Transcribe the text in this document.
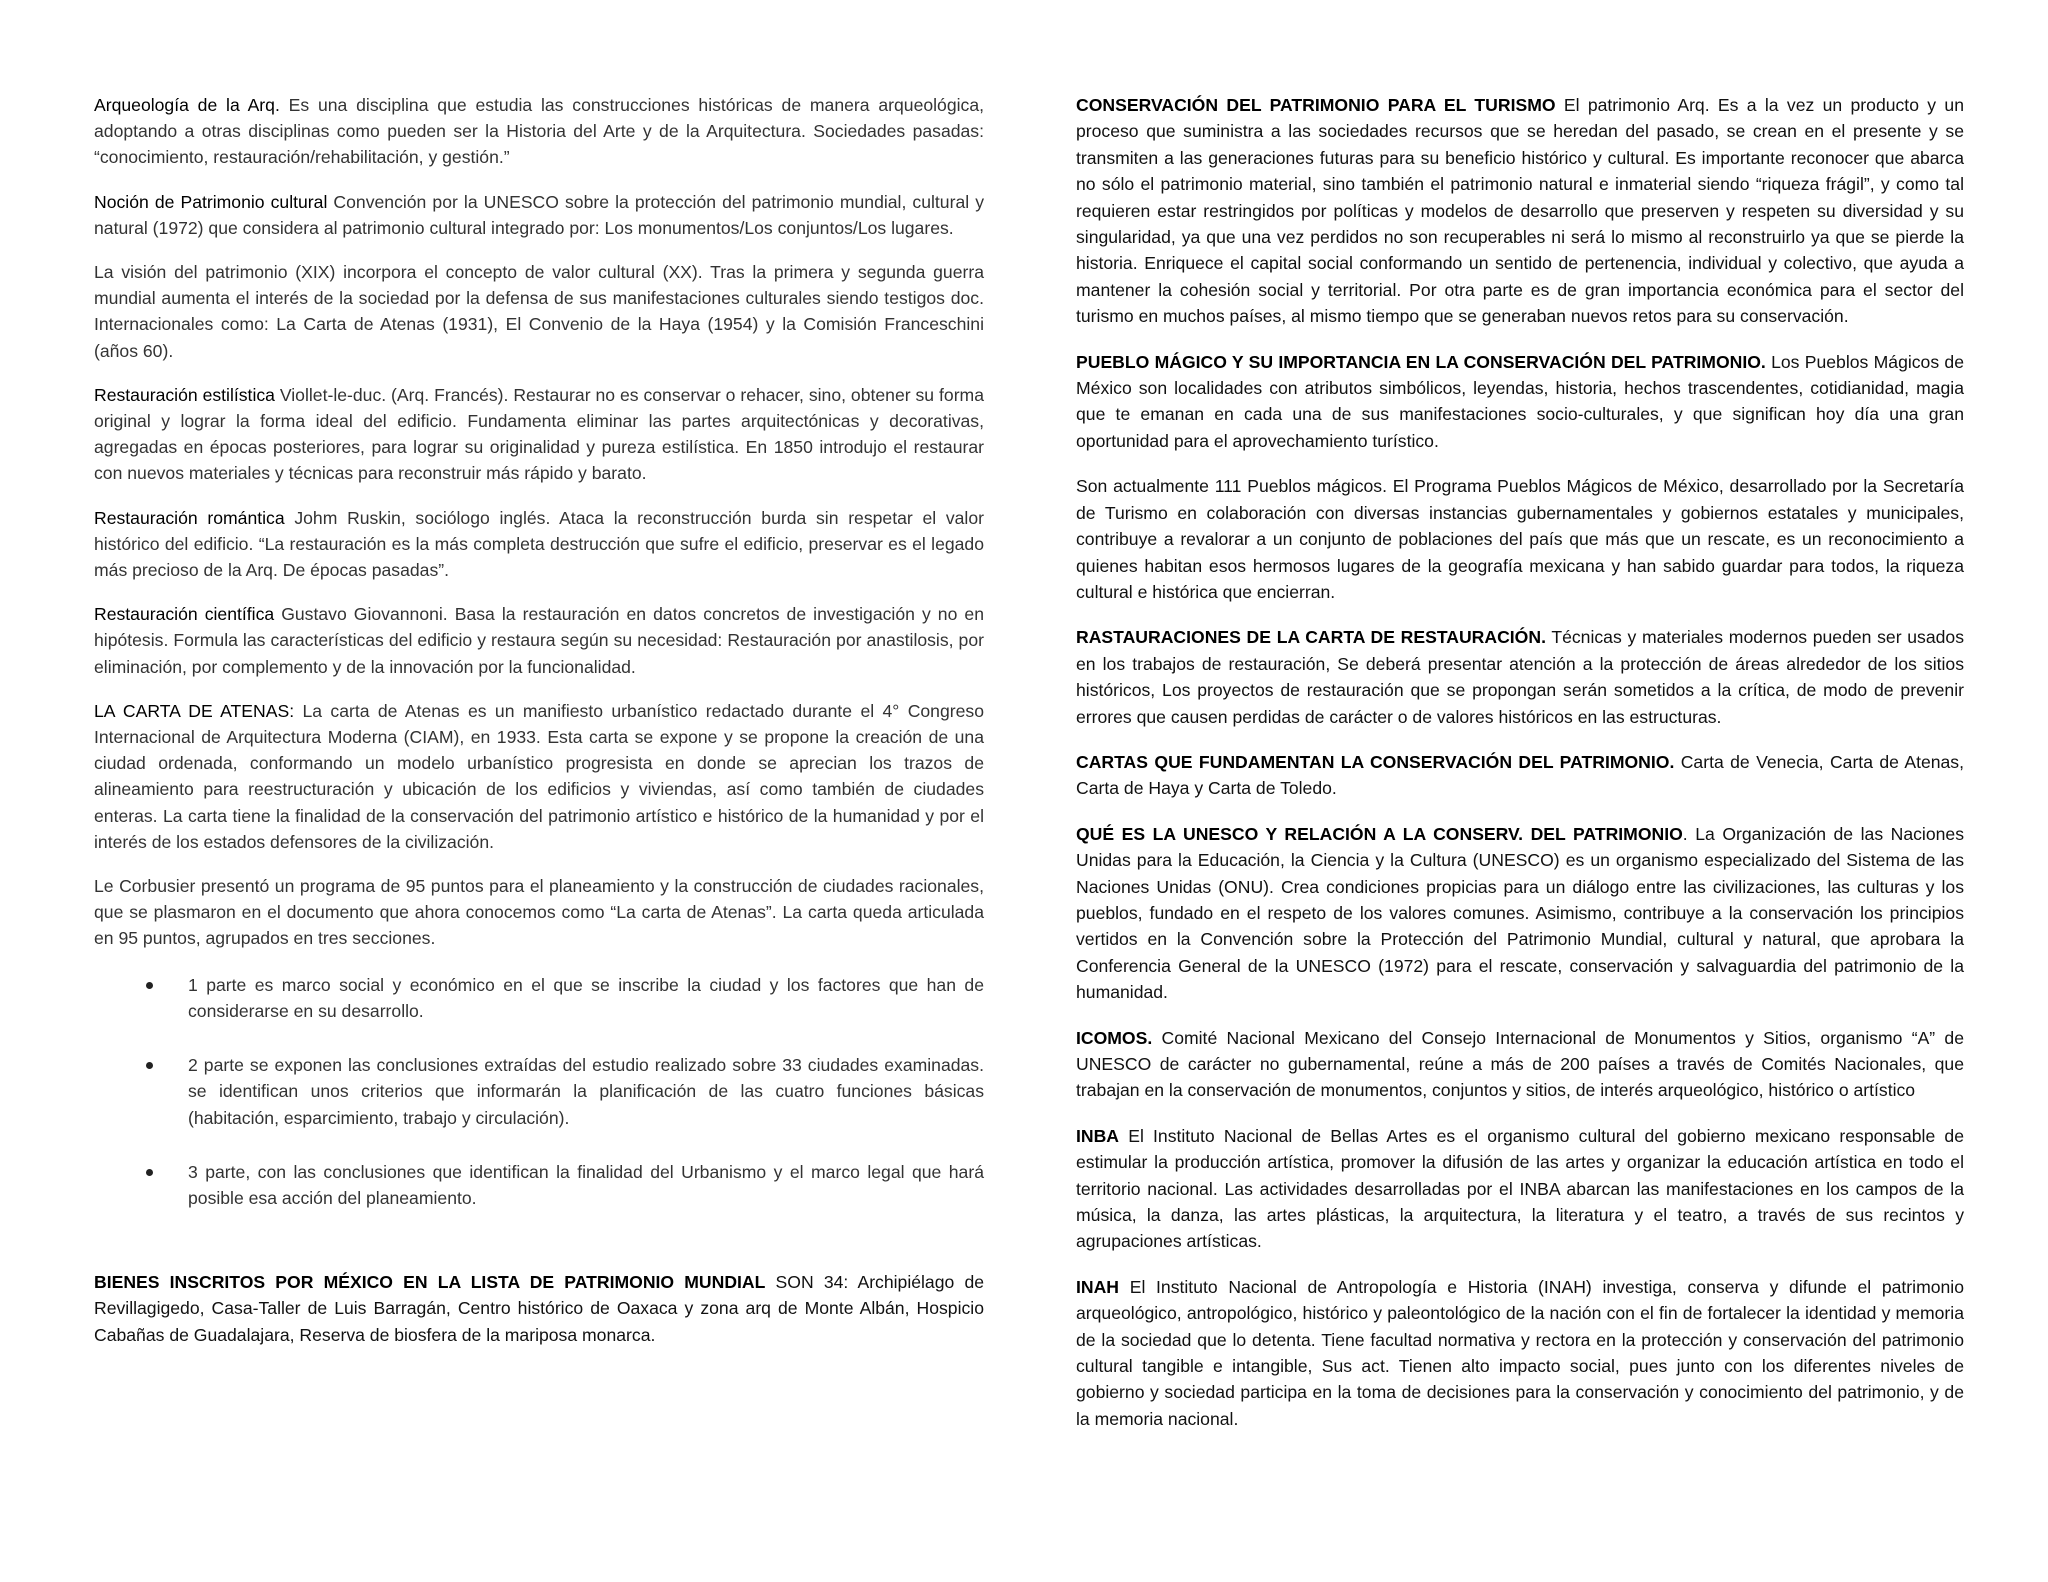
Arqueología de la Arq. Es una disciplina que estudia las construcciones históricas de manera arqueológica, adoptando a otras disciplinas como pueden ser la Historia del Arte y de la Arquitectura. Sociedades pasadas: “conocimiento, restauración/rehabilitación, y gestión.”

Noción de Patrimonio cultural Convención por la UNESCO sobre la protección del patrimonio mundial, cultural y natural (1972) que considera al patrimonio cultural integrado por: Los monumentos/Los conjuntos/Los lugares.

La visión del patrimonio (XIX) incorpora el concepto de valor cultural (XX). Tras la primera y segunda guerra mundial aumenta el interés de la sociedad por la defensa de sus manifestaciones culturales siendo testigos doc. Internacionales como: La Carta de Atenas (1931), El Convenio de la Haya (1954) y la Comisión Franceschini (años 60).

Restauración estilística Viollet-le-duc. (Arq. Francés). Restaurar no es conservar o rehacer, sino, obtener su forma original y lograr la forma ideal del edificio. Fundamenta eliminar las partes arquitectónicas y decorativas, agregadas en épocas posteriores, para lograr su originalidad y pureza estilística. En 1850 introdujo el restaurar con nuevos materiales y técnicas para reconstruir más rápido y barato.

Restauración romántica Johm Ruskin, sociólogo inglés. Ataca la reconstrucción burda sin respetar el valor histórico del edificio. “La restauración es la más completa destrucción que sufre el edificio, preservar es el legado más precioso de la Arq. De épocas pasadas”.

Restauración científica Gustavo Giovannoni. Basa la restauración en datos concretos de investigación y no en hipótesis. Formula las características del edificio y restaura según su necesidad: Restauración por anastilosis, por eliminación, por complemento y de la innovación por la funcionalidad.

LA CARTA DE ATENAS: La carta de Atenas es un manifiesto urbanístico redactado durante el 4° Congreso Internacional de Arquitectura Moderna (CIAM), en 1933. Esta carta se expone y se propone la creación de una ciudad ordenada, conformando un modelo urbanístico progresista en donde se aprecian los trazos de alineamiento para reestructuración y ubicación de los edificios y viviendas, así como también de ciudades enteras. La carta tiene la finalidad de la conservación del patrimonio artístico e histórico de la humanidad y por el interés de los estados defensores de la civilización.

Le Corbusier presentó un programa de 95 puntos para el planeamiento y la construcción de ciudades racionales, que se plasmaron en el documento que ahora conocemos como “La carta de Atenas”. La carta queda articulada en 95 puntos, agrupados en tres secciones.

1 parte es marco social y económico en el que se inscribe la ciudad y los factores que han de considerarse en su desarrollo.
2 parte se exponen las conclusiones extraídas del estudio realizado sobre 33 ciudades examinadas. se identifican unos criterios que informarán la planificación de las cuatro funciones básicas (habitación, esparcimiento, trabajo y circulación).
3 parte, con las conclusiones que identifican la finalidad del Urbanismo y el marco legal que hará posible esa acción del planeamiento.

BIENES INSCRITOS POR MÉXICO EN LA LISTA DE PATRIMONIO MUNDIAL SON 34: Archipiélago de Revillagigedo, Casa-Taller de Luis Barragán, Centro histórico de Oaxaca y zona arq de Monte Albán, Hospicio Cabañas de Guadalajara, Reserva de biosfera de la mariposa monarca.

CONSERVACIÓN DEL PATRIMONIO PARA EL TURISMO El patrimonio Arq. Es a la vez un producto y un proceso que suministra a las sociedades recursos que se heredan del pasado, se crean en el presente y se transmiten a las generaciones futuras para su beneficio histórico y cultural. Es importante reconocer que abarca no sólo el patrimonio material, sino también el patrimonio natural e inmaterial siendo “riqueza frágil”, y como tal requieren estar restringidos por políticas y modelos de desarrollo que preserven y respeten su diversidad y su singularidad, ya que una vez perdidos no son recuperables ni será lo mismo al reconstruirlo ya que se pierde la historia. Enriquece el capital social conformando un sentido de pertenencia, individual y colectivo, que ayuda a mantener la cohesión social y territorial. Por otra parte es de gran importancia económica para el sector del turismo en muchos países, al mismo tiempo que se generaban nuevos retos para su conservación.

PUEBLO MÁGICO Y SU IMPORTANCIA EN LA CONSERVACIÓN DEL PATRIMONIO. Los Pueblos Mágicos de México son localidades con atributos simbólicos, leyendas, historia, hechos trascendentes, cotidianidad, magia que te emanan en cada una de sus manifestaciones socio-culturales, y que significan hoy día una gran oportunidad para el aprovechamiento turístico.

Son actualmente 111 Pueblos mágicos. El Programa Pueblos Mágicos de México, desarrollado por la Secretaría de Turismo en colaboración con diversas instancias gubernamentales y gobiernos estatales y municipales, contribuye a revalorar a un conjunto de poblaciones del país que más que un rescate, es un reconocimiento a quienes habitan esos hermosos lugares de la geografía mexicana y han sabido guardar para todos, la riqueza cultural e histórica que encierran.

RASTAURACIONES DE LA CARTA DE RESTAURACIÓN. Técnicas y materiales modernos pueden ser usados en los trabajos de restauración, Se deberá presentar atención a la protección de áreas alrededor de los sitios históricos, Los proyectos de restauración que se propongan serán sometidos a la crítica, de modo de prevenir errores que causen perdidas de carácter o de valores históricos en las estructuras.

CARTAS QUE FUNDAMENTAN LA CONSERVACIÓN DEL PATRIMONIO. Carta de Venecia, Carta de Atenas, Carta de Haya y Carta de Toledo.

QUÉ ES LA UNESCO Y RELACIÓN A LA CONSERV. DEL PATRIMONIO. La Organización de las Naciones Unidas para la Educación, la Ciencia y la Cultura (UNESCO) es un organismo especializado del Sistema de las Naciones Unidas (ONU). Crea condiciones propicias para un diálogo entre las civilizaciones, las culturas y los pueblos, fundado en el respeto de los valores comunes. Asimismo, contribuye a la conservación los principios vertidos en la Convención sobre la Protección del Patrimonio Mundial, cultural y natural, que aprobara la Conferencia General de la UNESCO (1972) para el rescate, conservación y salvaguardia del patrimonio de la humanidad.

ICOMOS. Comité Nacional Mexicano del Consejo Internacional de Monumentos y Sitios, organismo “A” de UNESCO de carácter no gubernamental, reúne a más de 200 países a través de Comités Nacionales, que trabajan en la conservación de monumentos, conjuntos y sitios, de interés arqueológico, histórico o artístico

INBA El Instituto Nacional de Bellas Artes es el organismo cultural del gobierno mexicano responsable de estimular la producción artística, promover la difusión de las artes y organizar la educación artística en todo el territorio nacional. Las actividades desarrolladas por el INBA abarcan las manifestaciones en los campos de la música, la danza, las artes plásticas, la arquitectura, la literatura y el teatro, a través de sus recintos y agrupaciones artísticas.

INAH El Instituto Nacional de Antropología e Historia (INAH) investiga, conserva y difunde el patrimonio arqueológico, antropológico, histórico y paleontológico de la nación con el fin de fortalecer la identidad y memoria de la sociedad que lo detenta. Tiene facultad normativa y rectora en la protección y conservación del patrimonio cultural tangible e intangible, Sus act. Tienen alto impacto social, pues junto con los diferentes niveles de gobierno y sociedad participa en la toma de decisiones para la conservación y conocimiento del patrimonio, y de la memoria nacional.
